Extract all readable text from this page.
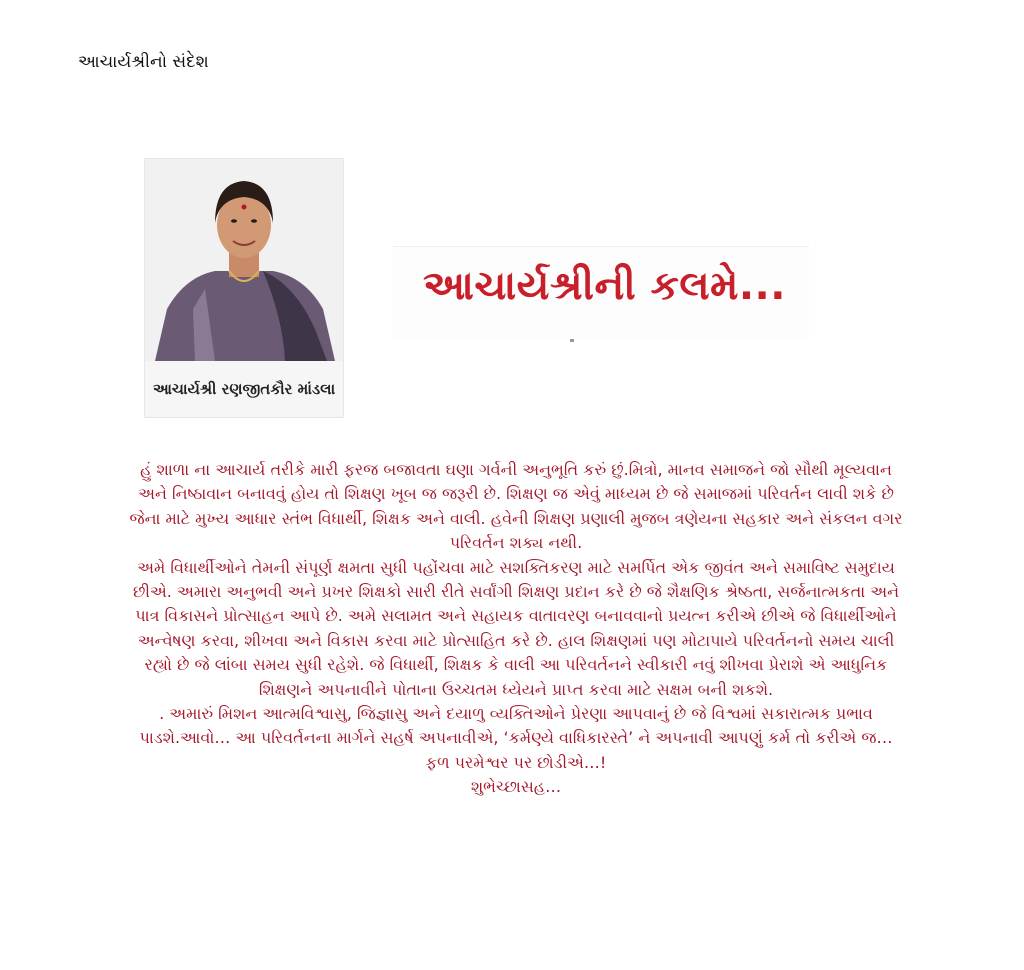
આચાર્યશ્રીનો સંદેશ
આચાર્યશ્રી રણજીતકૌર માંડલા
આચાર્યશ્રીની કલમે...

હું શાળા ના આચાર્ય તરીકે મારી ફરજ બજાવતા ઘણા ગર્વની અનુભૂતિ કરું છું.મિત્રો, માનવ સમાજને જો સૌથી મૂલ્યવાન અને નિષ્ઠાવાન બનાવવું હોય તો શિક્ષણ ખૂબ જ જરૂરી છે. શિક્ષણ જ એવું માધ્યમ છે જે સમાજમાં પરિવર્તન લાવી શકે છે જેના માટે મુખ્ય આધાર સ્તંભ વિધાર્થી, શિક્ષક અને વાલી. હવેની શિક્ષણ પ્રણાલી મુજબ ત્રણેયના સહકાર અને સંકલન વગર પરિવર્તન શક્ય નથી.

અમે વિધાર્થીઓને તેમની સંપૂર્ણ ક્ષમતા સુધી પહોંચવા માટે સશક્તિકરણ માટે સમર્પિત એક જીવંત અને સમાવિષ્ટ સમુદાય છીએ. અમારા અનુભવી અને પ્રખર શિક્ષકો સારી રીતે સર્વાંગી શિક્ષણ પ્રદાન કરે છે જે શૈક્ષણિક શ્રેષ્ઠતા, સર્જનાત્મકતા અને પાત્ર વિકાસને પ્રોત્સાહન આપે છે. અમે સલામત અને સહાયક વાતાવરણ બનાવવાનો પ્રયત્ન કરીએ છીએ જે વિધાર્થીઓને અન્વેષણ કરવા, શીખવા અને વિકાસ કરવા માટે પ્રોત્સાહિત કરે છે. હાલ શિક્ષણમાં પણ મોટાપાયે પરિવર્તનનો સમય ચાલી રહ્યો છે જે લાંબા સમય સુધી રહેશે. જે વિધાર્થી, શિક્ષક કે વાલી આ પરિવર્તનને સ્વીકારી નવું શીખવા પ્રેરાશે એ આધુનિક શિક્ષણને અપનાવીને પોતાના ઉચ્ચતમ ધ્યેયને પ્રાપ્ત કરવા માટે સક્ષમ બની શકશે.

. અમારું મિશન આત્મવિશ્વાસુ, જિજ્ઞાસુ અને દયાળુ વ્યક્તિઓને પ્રેરણા આપવાનું છે જે વિશ્વમાં સકારાત્મક પ્રભાવ પાડશે.આવો… આ પરિવર્તનના માર્ગને સહર્ષ અપનાવીએ, ‘કર્મણ્યે વાધિકારસ્તે’ ને અપનાવી આપણું કર્મ તો કરીએ જ… ફળ પરમેશ્વર પર છોડીએ…!

શુભેચ્છાસહ…
